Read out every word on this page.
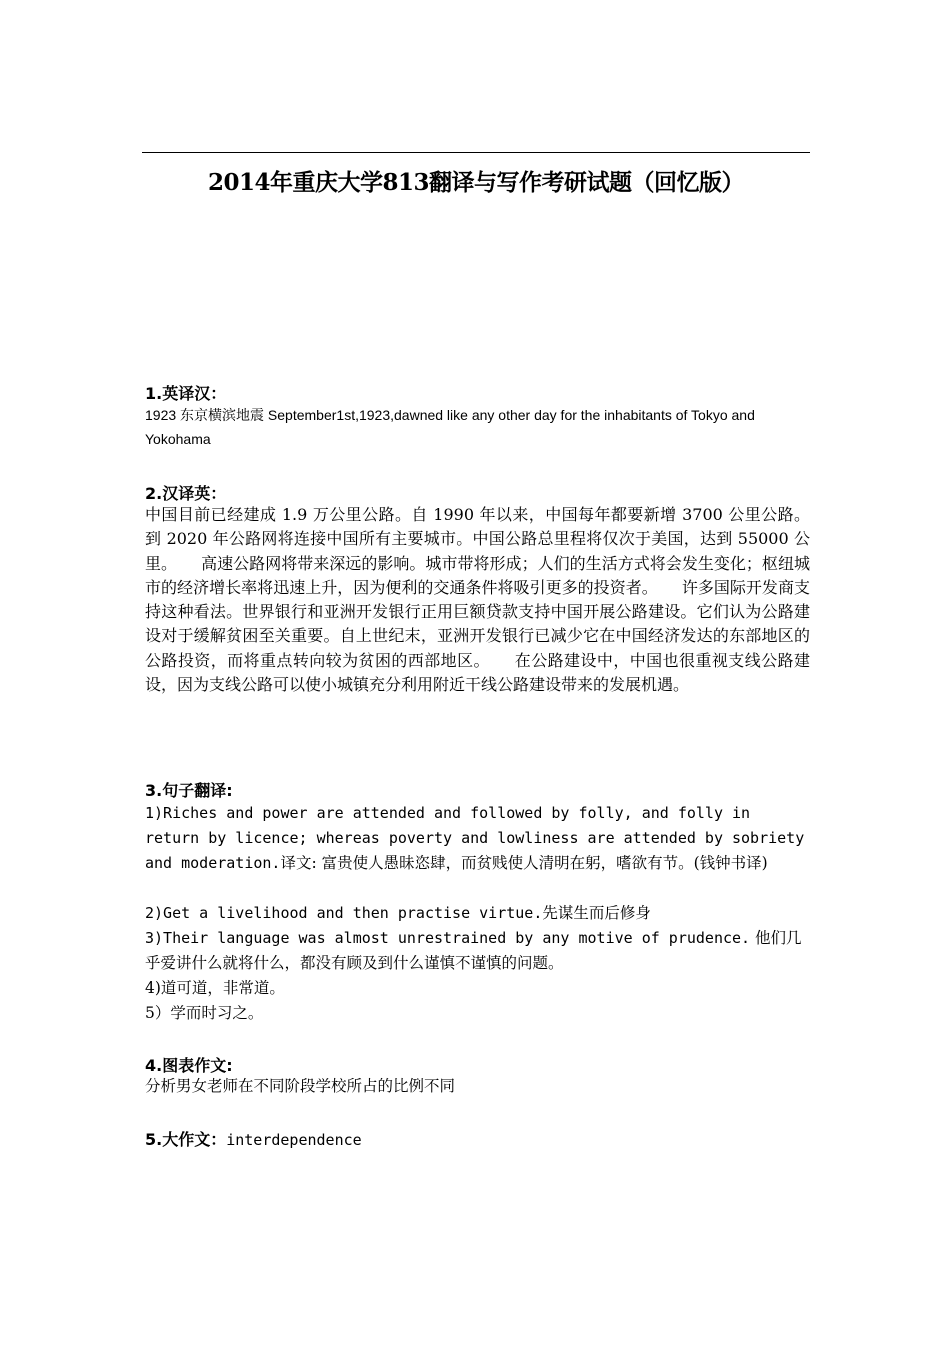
2014年重庆大学813翻译与写作考研试题（回忆版）
1.英译汉：
1923 东京横滨地震 September1st,1923,dawned like any other day for the inhabitants of Tokyo and Yokohama
2.汉译英：
中国目前已经建成 1.9 万公里公路。自 1990 年以来，中国每年都要新增 3700 公里公路。到 2020 年公路网将连接中国所有主要城市。中国公路总里程将仅次于美国，达到 55000 公里。　　高速公路网将带来深远的影响。城市带将形成；人们的生活方式将会发生变化；枢纽城市的经济增长率将迅速上升，因为便利的交通条件将吸引更多的投资者。　　许多国际开发商支持这种看法。世界银行和亚洲开发银行正用巨额贷款支持中国开展公路建设。它们认为公路建设对于缓解贫困至关重要。自上世纪末，亚洲开发银行已减少它在中国经济发达的东部地区的公路投资，而将重点转向较为贫困的西部地区。　　在公路建设中，中国也很重视支线公路建设，因为支线公路可以使小城镇充分利用附近干线公路建设带来的发展机遇。
3.句子翻译:
1)Riches and power are attended and followed by folly, and folly in return by licence; whereas poverty and lowliness are attended by sobriety and moderation.译文: 富贵使人愚昧恣肆，而贫贱使人清明在躬，嗜欲有节。(钱钟书译)
2)Get a livelihood and then practise virtue.先谋生而后修身
3)Their language was almost unrestrained by any motive of prudence. 他们几乎爱讲什么就将什么，都没有顾及到什么谨慎不谨慎的问题。
4)道可道，非常道。
5）学而时习之。
4.图表作文:
分析男女老师在不同阶段学校所占的比例不同
5.大作文：interdependence
